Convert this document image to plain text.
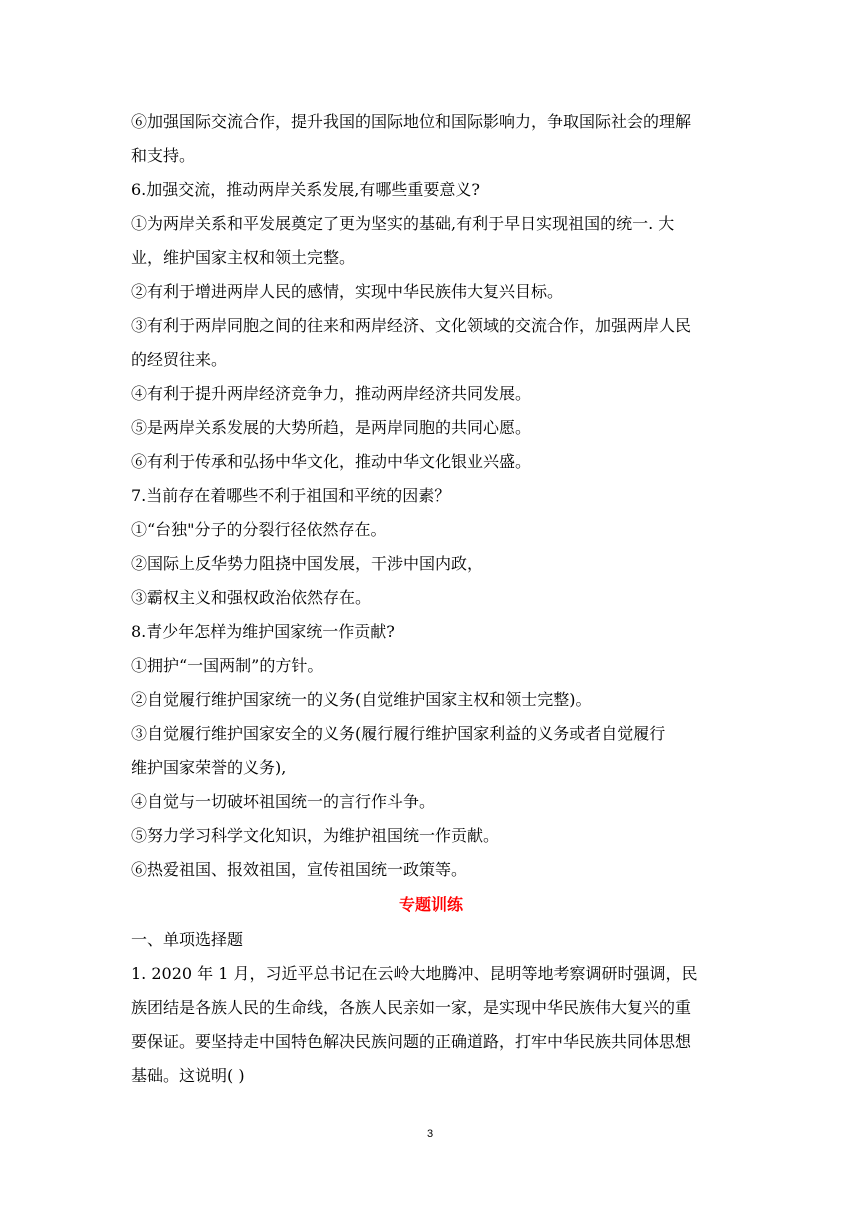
⑥加强国际交流合作，提升我国的国际地位和国际影响力，争取国际社会的理解
和支持。
6.加强交流，推动两岸关系发展,有哪些重要意义?
①为两岸关系和平发展奠定了更为坚实的基础,有利于早日实现祖国的统一. 大
业，维护国家主权和领土完整。
②有利于增进两岸人民的感情，实现中华民族伟大复兴目标。
③有利于两岸同胞之间的往来和两岸经济、文化领域的交流合作，加强两岸人民
的经贸往来。
④有利于提升两岸经济竞争力，推动两岸经济共同发展。
⑤是两岸关系发展的大势所趋，是两岸同胞的共同心愿。
⑥有利于传承和弘扬中华文化，推动中华文化银业兴盛。
7.当前存在着哪些不利于祖国和平统的因素？
①“台独"分子的分裂行径依然存在。
②国际上反华势力阻挠中国发展，干涉中国内政，
③霸权主义和强权政治依然存在。
8.青少年怎样为维护国家统一作贡献?
①拥护“一国两制”的方针。
②自觉履行维护国家统一的义务(自觉维护国家主权和领士完整)。
③自觉履行维护国家安全的义务(履行履行维护国家利益的义务或者自觉履行
维护国家荣誉的义务),
④自觉与一切破坏祖国统一的言行作斗争。
⑤努力学习科学文化知识，为维护祖国统一作贡献。
⑥热爱祖国、报效祖国，宣传祖国统一政策等。
专题训练
一、单项选择题
1. 2020 年 1 月，习近平总书记在云岭大地腾冲、昆明等地考察调研时强调，民
族团结是各族人民的生命线，各族人民亲如一家，是实现中华民族伟大复兴的重
要保证。要坚持走中国特色解决民族问题的正确道路，打牢中华民族共同体思想
基础。这说明( )
3
